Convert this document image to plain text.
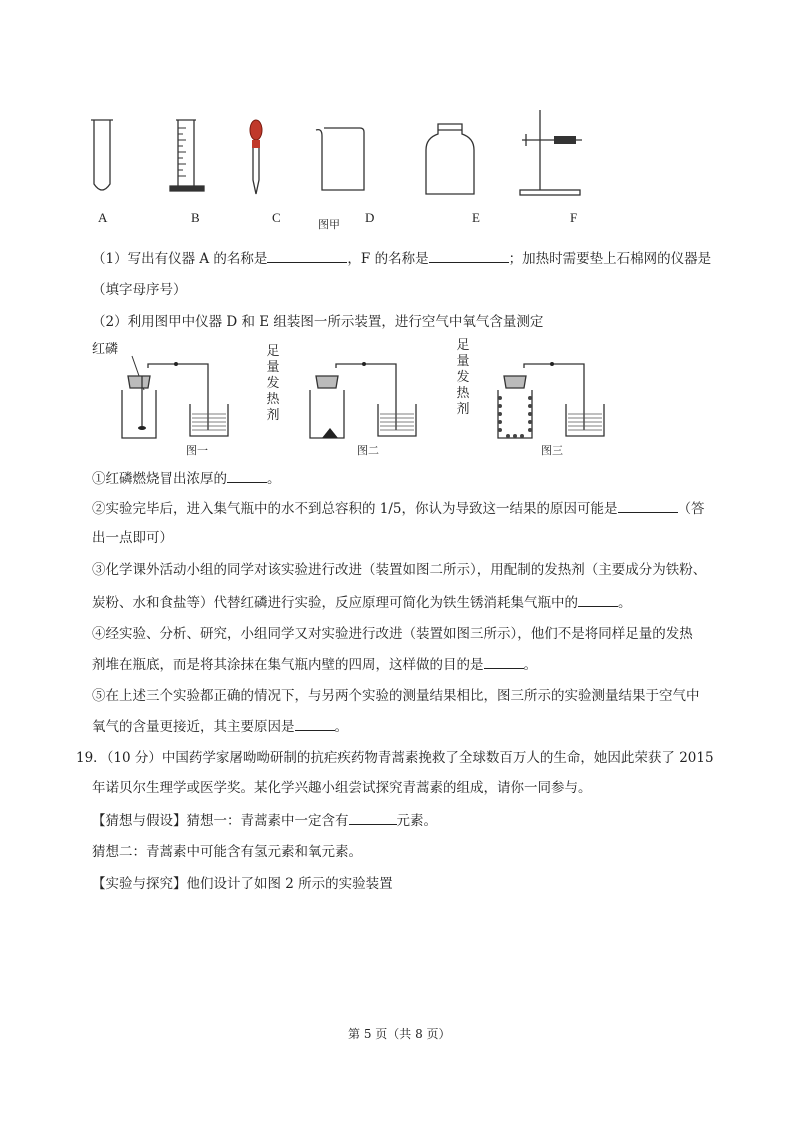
A	B	C	图甲 D	E	F
（1）写出有仪器 A 的名称是	，F 的名称是	；加热时需要垫上石棉网的仪器是
（填字母序号）
（2）利用图甲中仪器 D 和 E 组装图一所示装置，进行空气中氧气含量测定
红磷
图一
足量发热剂
图二
足量发热剂
图三
①红磷燃烧冒出浓厚的	。
②实验完毕后，进入集气瓶中的水不到总容积的 1/5，你认为导致这一结果的原因可能是	（答
出一点即可）
③化学课外活动小组的同学对该实验进行改进（装置如图二所示），用配制的发热剂（主要成分为铁粉、
炭粉、水和食盐等）代替红磷进行实验，反应原理可简化为铁生锈消耗集气瓶中的	。
④经实验、分析、研究，小组同学又对实验进行改进（装置如图三所示），他们不是将同样足量的发热
剂堆在瓶底，而是将其涂抹在集气瓶内壁的四周，这样做的目的是	。
⑤在上述三个实验都正确的情况下，与另两个实验的测量结果相比，图三所示的实验测量结果于空气中
氧气的含量更接近，其主要原因是	。
19．（10 分）中国药学家屠呦呦研制的抗疟疾药物青蒿素挽救了全球数百万人的生命，她因此荣获了 2015
年诺贝尔生理学或医学奖。某化学兴趣小组尝试探究青蒿素的组成，请你一同参与。
【猜想与假设】猜想一：青蒿素中一定含有	元素。
猜想二：青蒿素中可能含有氢元素和氧元素。
【实验与探究】他们设计了如图 2 所示的实验装置
第 5 页（共 8 页）
